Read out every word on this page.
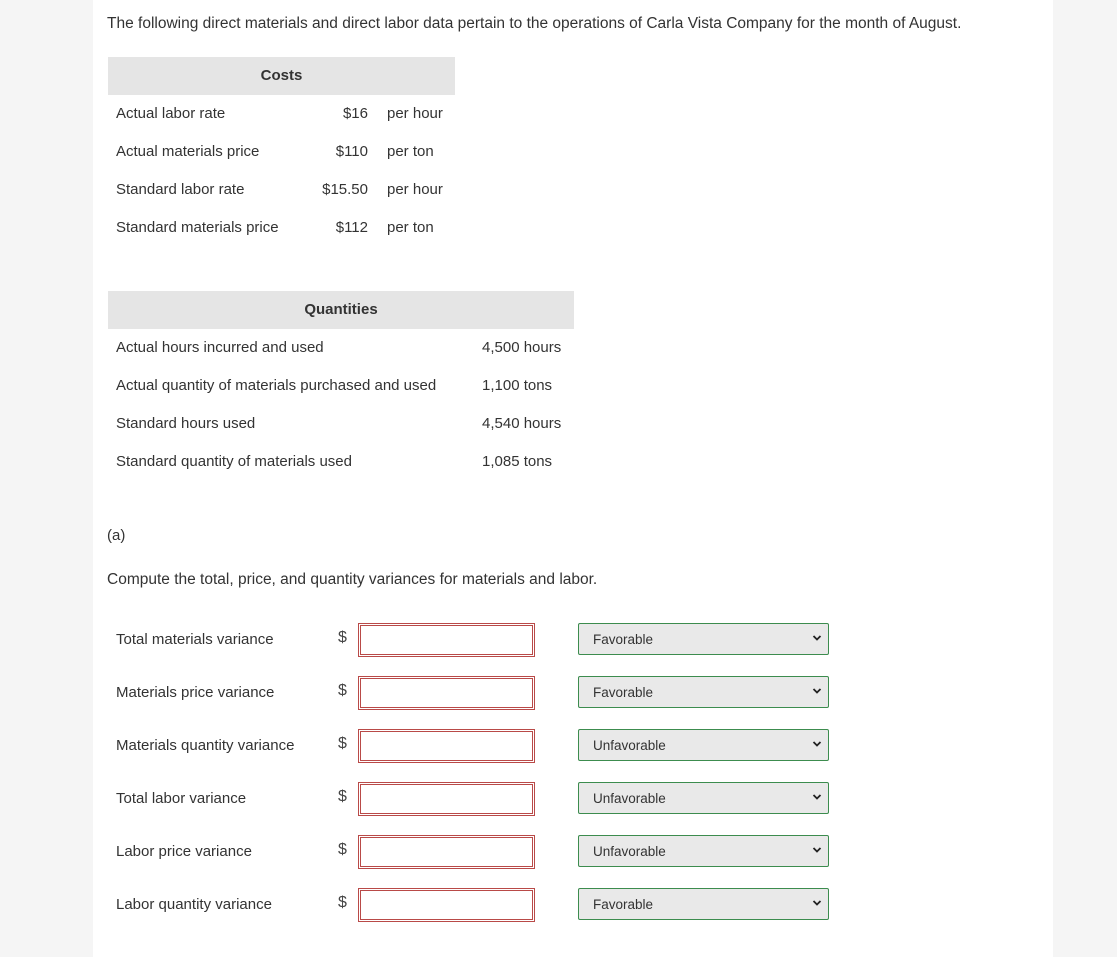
The following direct materials and direct labor data pertain to the operations of Carla Vista Company for the month of August.
Costs
Actual labor rate	$16 per hour
Actual materials price	$110 per ton
Standard labor rate	$15.50 per hour
Standard materials price	$112 per ton
Quantities
Actual hours incurred and used	4,500 hours
Actual quantity of materials purchased and used	1,100 tons
Standard hours used	4,540 hours
Standard quantity of materials used	1,085 tons
(a)
Compute the total, price, and quantity variances for materials and labor.
Total materials variance	$	Favorable
Materials price variance	$	Favorable
Materials quantity variance	$	Unfavorable
Total labor variance	$	Unfavorable
Labor price variance	$	Unfavorable
Labor quantity variance	$	Favorable
